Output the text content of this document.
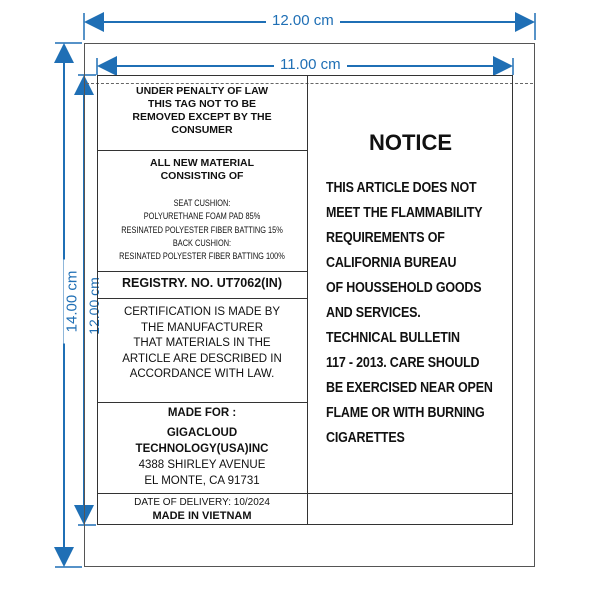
12.00 cm
11.00 cm
14.00 cm 12.00 cm
UNDER PENALTY OF LAW
THIS TAG NOT TO BE
REMOVED EXCEPT BY THE
CONSUMER
ALL NEW MATERIAL
CONSISTING OF
SEAT CUSHION:
POLYURETHANE FOAM PAD 85%
RESINATED POLYESTER FIBER BATTING 15%
BACK CUSHION:
RESINATED POLYESTER FIBER BATTING 100%
REGISTRY. NO. UT7062(IN)
CERTIFICATION IS MADE BY
THE MANUFACTURER
THAT MATERIALS IN THE
ARTICLE ARE DESCRIBED IN
ACCORDANCE WITH LAW.
MADE FOR :
GIGACLOUD
TECHNOLOGY(USA)INC
4388 SHIRLEY AVENUE
EL MONTE, CA 91731
DATE OF DELIVERY: 10/2024
MADE IN VIETNAM
NOTICE
THIS ARTICLE DOES NOT
MEET THE FLAMMABILITY
REQUIREMENTS OF
CALIFORNIA BUREAU
OF HOUSSEHOLD GOODS
AND SERVICES.
TECHNICAL BULLETIN
117 - 2013. CARE SHOULD
BE EXERCISED NEAR OPEN
FLAME OR WITH BURNING
CIGARETTES
